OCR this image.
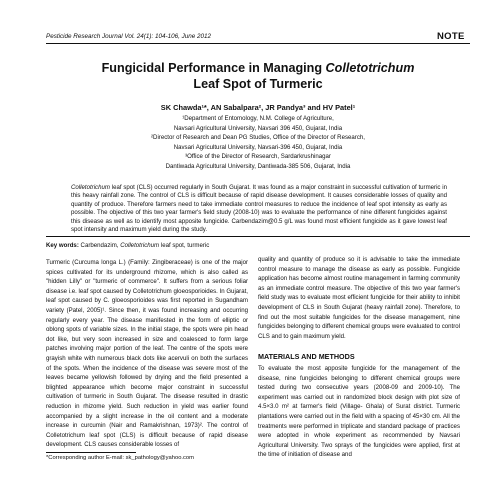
Pesticide Research Journal Vol. 24(1): 104-106, June 2012	NOTE
Fungicidal Performance in Managing Colletotrichum
Leaf Spot of Turmeric
SK Chawda¹*, AN Sabalpara², JR Pandya³ and HV Patel¹
¹Department of Entomology, N.M. College of Agriculture,
Navsari Agricultural University, Navsari 396 450, Gujarat, India
²Director of Research and Dean PG Studies, Office of the Director of Research,
Navsari Agricultural University, Navsari-396 450, Gujarat, India
³Office of the Director of Research, Sardarkrushinagar
Dantiwada Agricultural University, Dantiwada-385 506, Gujarat, India

Colletotrichum leaf spot (CLS) occurred regularly in South Gujarat. It was found as a major constraint in successful cultivation of turmeric in this heavy rainfall zone. The control of CLS is difficult because of rapid disease development. It causes considerable losses of quality and quantity of produce. Therefore farmers need to take immediate control measures to reduce the incidence of leaf spot intensity as early as possible. The objective of this two year farmer's field study (2008-10) was to evaluate the performance of nine different fungicides against this disease as well as to identify most apposite fungicide. Carbendazim@0.5 g/L was found most efficient fungicide as it gave lowest leaf spot intensity and maximum yield during the study.

Key words: Carbendazim, Colletotrichum leaf spot, turmeric

Turmeric (Curcuma longa L.) (Family: Zingiberaceae) is one of the major spices cultivated for its underground rhizome, which is also called as "hidden Lilly" or "turmeric of commerce". It suffers from a serious foliar disease i.e. leaf spot caused by Colletotrichum gloeosporioides. In Gujarat, leaf spot caused by C. gloeosporioides was first reported in Sugandham variety (Patel, 2005)¹. Since then, it was found increasing and occurring regularly every year. The disease manifested in the form of elliptic or oblong spots of variable sizes. In the initial stage, the spots were pin head dot like, but very soon increased in size and coalesced to form large patches involving major portion of the leaf. The centre of the spots were grayish white with numerous black dots like acervuli on both the surfaces of the spots. When the incidence of the disease was severe most of the leaves became yellowish followed by drying and the field presented a blighted appearance which become major constraint in successful cultivation of turmeric in South Gujarat. The disease resulted in drastic reduction in rhizome yield. Such reduction in yield was earlier found accompanied by a slight increase in the oil content and a moderate increase in curcumin (Nair and Ramakrishnan, 1973)². The control of Colletotrichum leaf spot (CLS) is difficult because of rapid disease development. CLS causes considerable losses of

quality and quantity of produce so it is advisable to take the immediate control measure to manage the disease as early as possible. Fungicide application has become almost routine management in farming community as an immediate control measure. The objective of this two year farmer's field study was to evaluate most efficient fungicide for their ability to inhibit development of CLS in South Gujarat (heavy rainfall zone). Therefore, to find out the most suitable fungicides for the disease management, nine fungicides belonging to different chemical groups were evaluated to control CLS and to gain maximum yield.

MATERIALS AND METHODS

To evaluate the most apposite fungicide for the management of the disease, nine fungicides belonging to different chemical groups were tested during two consecutive years (2008-09 and 2009-10). The experiment was carried out in randomized block design with plot size of 4.5×3.0 m² at farmer's field (Village- Ghala) of Surat district. Turmeric plantations were carried out in the field with a spacing of 45×30 cm. All the treatments were performed in triplicate and standard package of practices were adopted in whole experiment as recommended by Navsari Agricultural University. Two sprays of the fungicides were applied, first at the time of initiation of disease and

*Corresponding author E-mail: sk_pathology@yahoo.com
